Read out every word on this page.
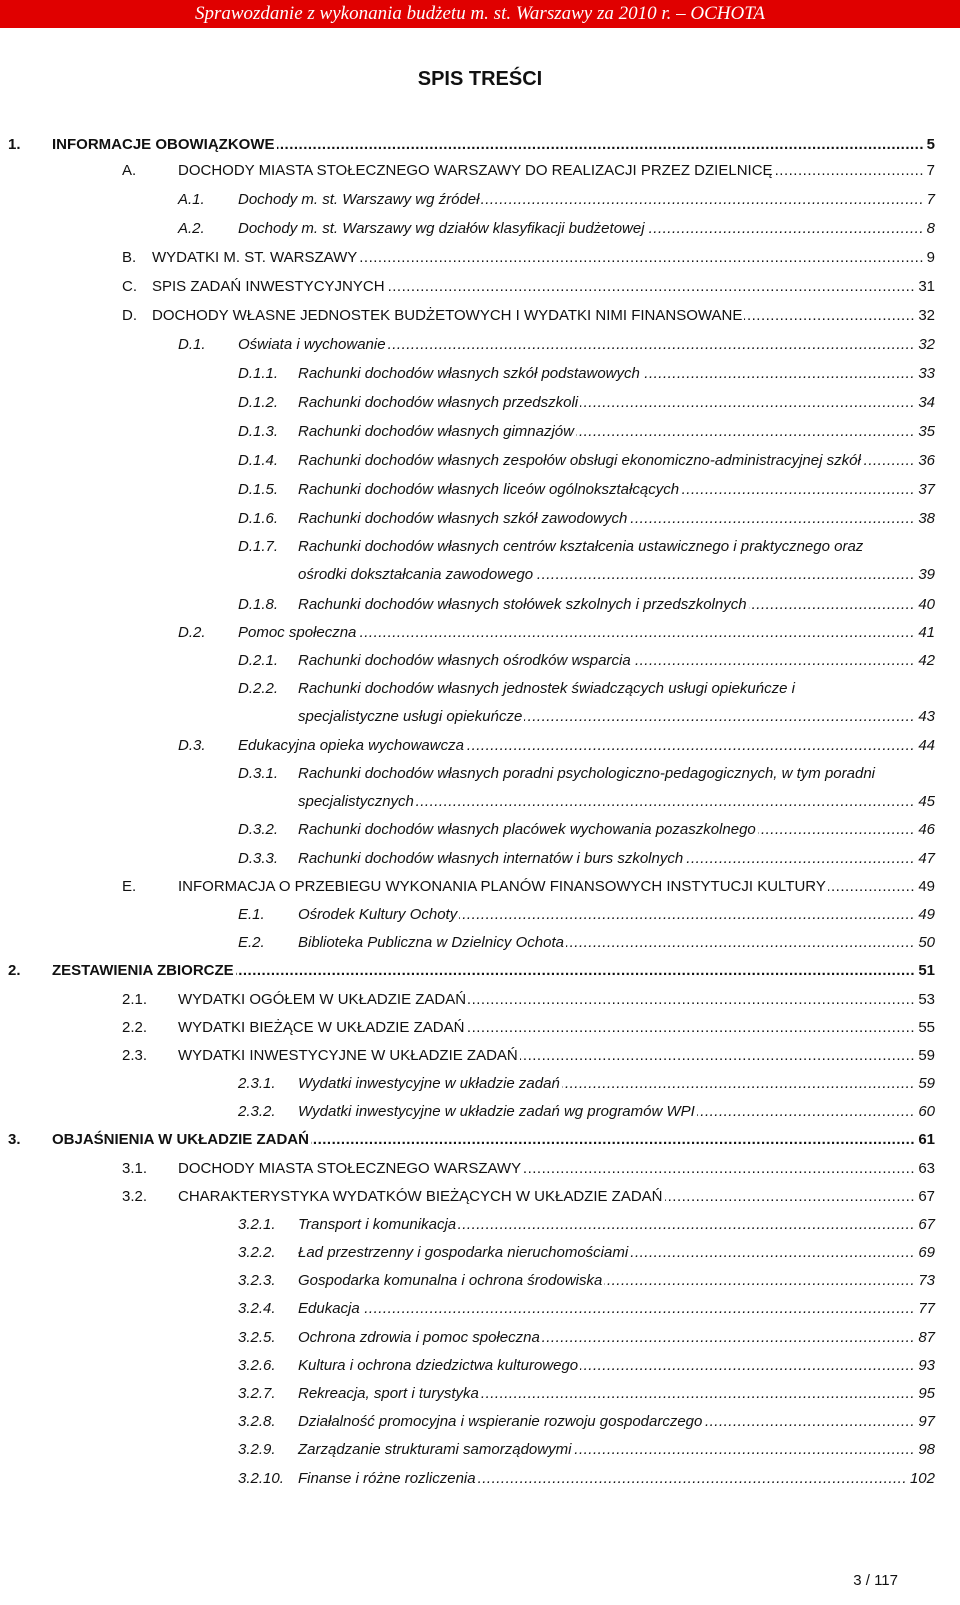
Sprawozdanie z wykonania budżetu m. st. Warszawy za 2010 r. – OCHOTA
SPIS TREŚCI
1. INFORMACJE OBOWIĄZKOWE .....	5
A.	DOCHODY MIASTA STOŁECZNEGO WARSZAWY DO REALIZACJI PRZEZ DZIELNICĘ .....	7
A.1. Dochody m. st. Warszawy wg źródeł .....	7
A.2. Dochody m. st. Warszawy wg działów klasyfikacji budżetowej .....	8
B. WYDATKI M. ST. WARSZAWY .....	9
C. SPIS ZADAŃ INWESTYCYJNYCH .....	31
D. DOCHODY WŁASNE JEDNOSTEK BUDŻETOWYCH I WYDATKI NIMI FINANSOWANE .....	32
D.1. Oświata i wychowanie .....	32
D.1.1. Rachunki dochodów własnych szkół podstawowych .....	33
D.1.2. Rachunki dochodów własnych przedszkoli .....	34
D.1.3. Rachunki dochodów własnych gimnazjów .....	35
D.1.4. Rachunki dochodów własnych zespołów obsługi ekonomiczno-administracyjnej szkół .....	36
D.1.5. Rachunki dochodów własnych liceów ogólnokształcących .....	37
D.1.6. Rachunki dochodów własnych szkół zawodowych .....	38
D.1.7. Rachunki dochodów własnych centrów kształcenia ustawicznego i praktycznego oraz
ośrodki dokształcania zawodowego .....	39
D.1.8. Rachunki dochodów własnych stołówek szkolnych i przedszkolnych .....	40
D.2. Pomoc społeczna .....	41
D.2.1. Rachunki dochodów własnych ośrodków wsparcia .....	42
D.2.2. Rachunki dochodów własnych jednostek świadczących usługi opiekuńcze i
specjalistyczne usługi opiekuńcze .....	43
D.3. Edukacyjna opieka wychowawcza .....	44
D.3.1. Rachunki dochodów własnych poradni psychologiczno-pedagogicznych, w tym poradni
specjalistycznych .....	45
D.3.2. Rachunki dochodów własnych placówek wychowania pozaszkolnego .....	46
D.3.3. Rachunki dochodów własnych internatów i burs szkolnych .....	47
E.	INFORMACJA O PRZEBIEGU WYKONANIA PLANÓW FINANSOWYCH INSTYTUCJI KULTURY .....	49
E.1. Ośrodek Kultury Ochoty .....	49
E.2. Biblioteka Publiczna w Dzielnicy Ochota .....	50
2. ZESTAWIENIA ZBIORCZE .....	51
2.1. WYDATKI OGÓŁEM W UKŁADZIE ZADAŃ .....	53
2.2. WYDATKI BIEŻĄCE W UKŁADZIE ZADAŃ .....	55
2.3. WYDATKI INWESTYCYJNE W UKŁADZIE ZADAŃ .....	59
2.3.1. Wydatki inwestycyjne w układzie zadań .....	59
2.3.2. Wydatki inwestycyjne w układzie zadań wg programów WPI .....	60
3. OBJAŚNIENIA W UKŁADZIE ZADAŃ .....	61
3.1. DOCHODY MIASTA STOŁECZNEGO WARSZAWY .....	63
3.2. CHARAKTERYSTYKA WYDATKÓW BIEŻĄCYCH W UKŁADZIE ZADAŃ .....	67
3.2.1. Transport i komunikacja .....	67
3.2.2. Ład przestrzenny i gospodarka nieruchomościami .....	69
3.2.3. Gospodarka komunalna i ochrona środowiska .....	73
3.2.4. Edukacja .....	77
3.2.5. Ochrona zdrowia i pomoc społeczna .....	87
3.2.6. Kultura i ochrona dziedzictwa kulturowego .....	93
3.2.7. Rekreacja, sport i turystyka .....	95
3.2.8. Działalność promocyjna i wspieranie rozwoju gospodarczego .....	97
3.2.9. Zarządzanie strukturami samorządowymi .....	98
3.2.10. Finanse i różne rozliczenia .....	102
3 / 117
